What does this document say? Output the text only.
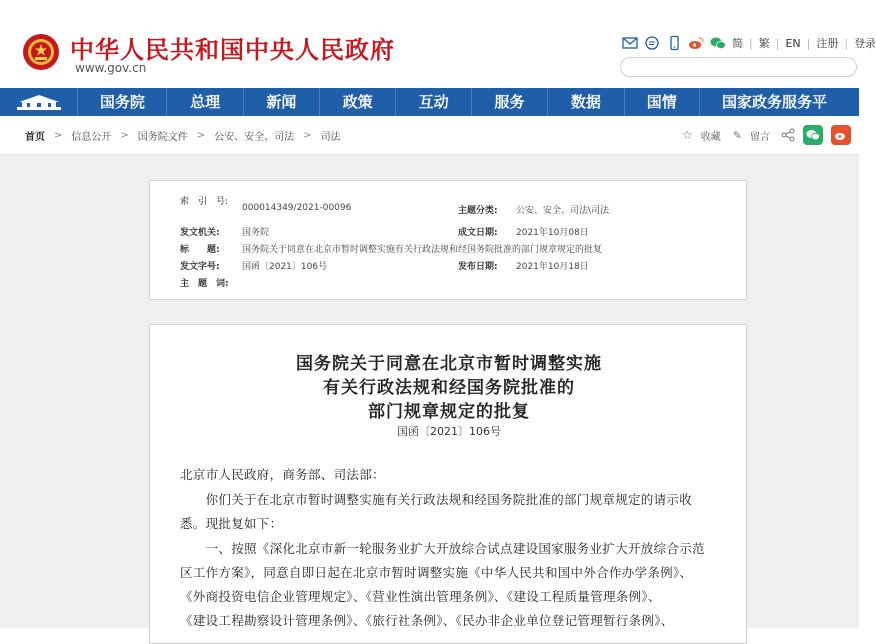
中华人民共和国中央人民政府
www.gov.cn
简 | 繁 | EN | 注册 | 登录
国务院	总理	新闻	政策	互动	服务	数据	国情	国家政务服务平
首页 > 信息公开 > 国务院文件 > 公安、安全、司法 > 司法	☆ 收藏 ✎ 留言
索　引　号:
000014349/2021-00096	主题分类: 公安、安全、司法\司法
发文机关: 国务院	成文日期: 2021年10月08日
标　　题: 国务院关于同意在北京市暂时调整实施有关行政法规和经国务院批准的部门规章规定的批复
发文字号: 国函〔2021〕106号	发布日期: 2021年10月18日
主　题　词:
国务院关于同意在北京市暂时调整实施
有关行政法规和经国务院批准的
部门规章规定的批复
国函〔2021〕106号
北京市人民政府，商务部、司法部：
　　你们关于在北京市暂时调整实施有关行政法规和经国务院批准的部门规章规定的请示收
悉。现批复如下：
　　一、按照《深化北京市新一轮服务业扩大开放综合试点建设国家服务业扩大开放综合示范
区工作方案》，同意自即日起在北京市暂时调整实施《中华人民共和国中外合作办学条例》、
《外商投资电信企业管理规定》、《营业性演出管理条例》、《建设工程质量管理条例》、
《建设工程勘察设计管理条例》、《旅行社条例》、《民办非企业单位登记管理暂行条例》、
